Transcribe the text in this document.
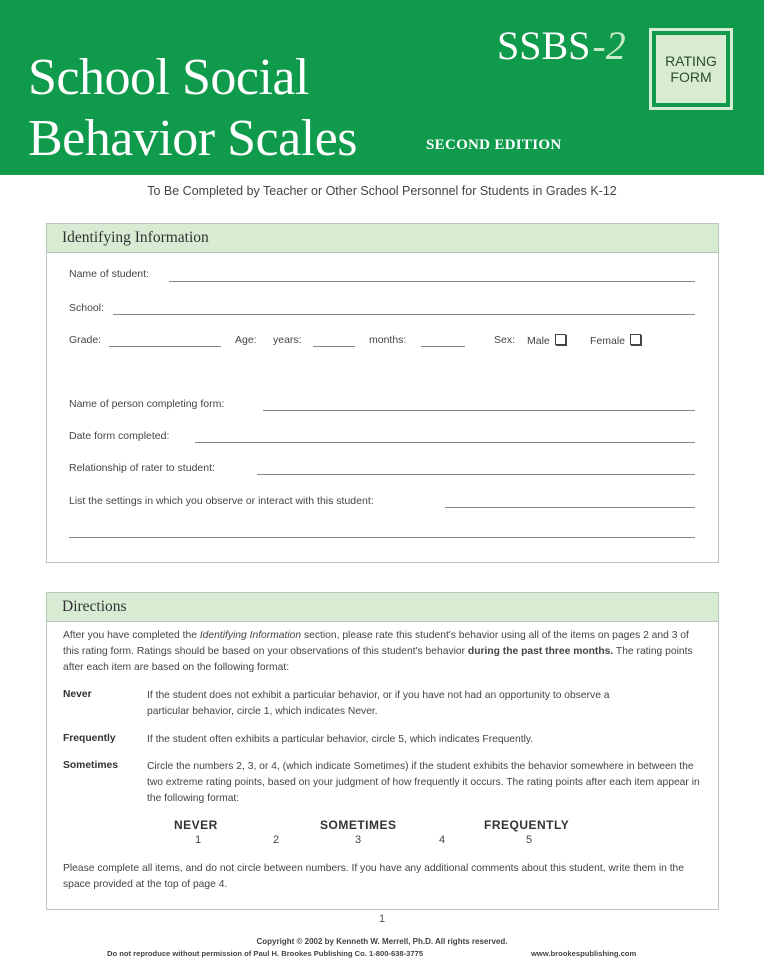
School Social
Behavior Scales	SECOND EDITION
SSBS-2	RATING
FORM
To Be Completed by Teacher or Other School Personnel for Students in Grades K-12
Identifying Information
Name of student:
School:
Grade:	Age: years:	months:	Sex: Male	Female
Name of person completing form:
Date form completed:
Relationship of rater to student:
List the settings in which you observe or interact with this student:
Directions
After you have completed the Identifying Information section, please rate this student's behavior using all of the items on pages 2 and 3 of this rating form. Ratings should be based on your observations of this student's behavior during the past three months. The rating points after each item are based on the following format:
Never	If the student does not exhibit a particular behavior, or if you have not had an opportunity to observe a particular behavior, circle 1, which indicates Never.
Frequently	If the student often exhibits a particular behavior, circle 5, which indicates Frequently.
Sometimes	Circle the numbers 2, 3, or 4, (which indicate Sometimes) if the student exhibits the behavior somewhere in between the two extreme rating points, based on your judgment of how frequently it occurs. The rating points after each item appear in the following format:
NEVER	SOMETIMES	FREQUENTLY
1	2	3	4	5
Please complete all items, and do not circle between numbers. If you have any additional comments about this student, write them in the space provided at the top of page 4.
1
Copyright © 2002 by Kenneth W. Merrell, Ph.D. All rights reserved.
Do not reproduce without permission of Paul H. Brookes Publishing Co. 1-800-638-3775	www.brookespublishing.com
